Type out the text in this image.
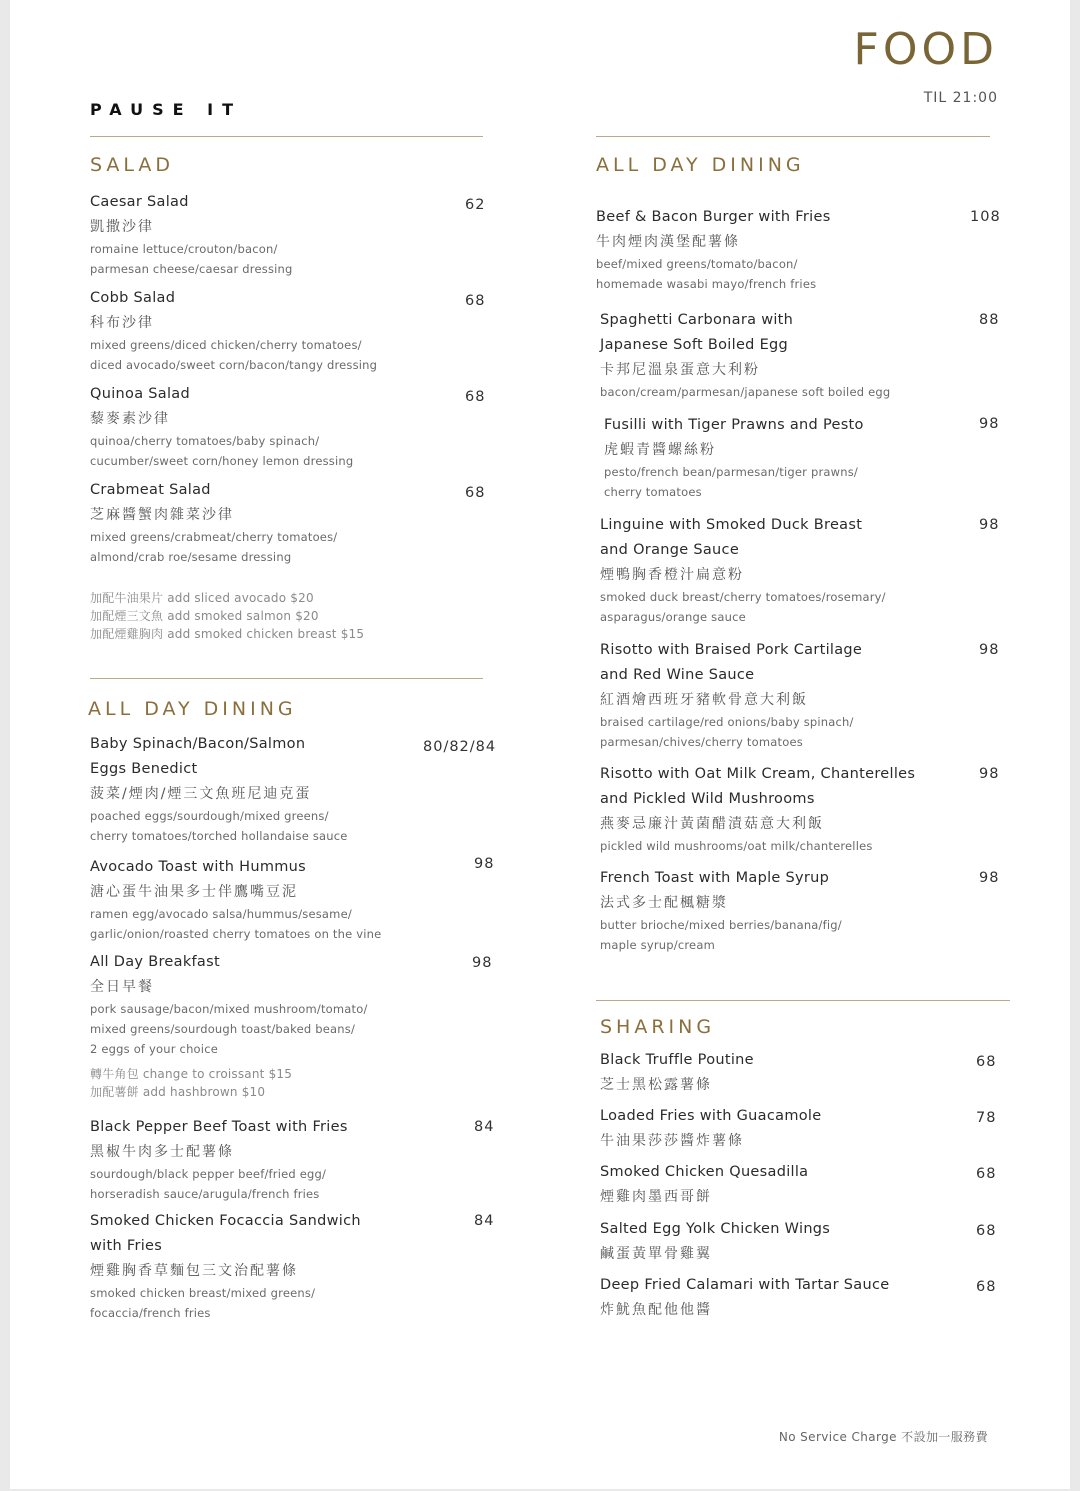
PAUSE IT
FOOD
TIL 21:00
SALAD
Caesar Salad
凱撒沙律
romaine lettuce/crouton/bacon/
parmesan cheese/caesar dressing
62
Cobb Salad
科布沙律
mixed greens/diced chicken/cherry tomatoes/
diced avocado/sweet corn/bacon/tangy dressing
68
Quinoa Salad
藜麥素沙律
quinoa/cherry tomatoes/baby spinach/
cucumber/sweet corn/honey lemon dressing
68
Crabmeat Salad
芝麻醬蟹肉雜菜沙律
mixed greens/crabmeat/cherry tomatoes/
almond/crab roe/sesame dressing
68
加配牛油果片 add sliced avocado $20
加配煙三文魚 add smoked salmon $20
加配煙雞胸肉 add smoked chicken breast $15
ALL DAY DINING
Baby Spinach/Bacon/Salmon
Eggs Benedict
菠菜/煙肉/煙三文魚班尼迪克蛋
poached eggs/sourdough/mixed greens/
cherry tomatoes/torched hollandaise sauce
80/82/84
Avocado Toast with Hummus
溏心蛋牛油果多士伴鷹嘴豆泥
ramen egg/avocado salsa/hummus/sesame/
garlic/onion/roasted cherry tomatoes on the vine
98
All Day Breakfast
全日早餐
pork sausage/bacon/mixed mushroom/tomato/
mixed greens/sourdough toast/baked beans/
2 eggs of your choice
轉牛角包 change to croissant $15
加配薯餅 add hashbrown $10
98
Black Pepper Beef Toast with Fries
黑椒牛肉多士配薯條
sourdough/black pepper beef/fried egg/
horseradish sauce/arugula/french fries
84
Smoked Chicken Focaccia Sandwich
with Fries
煙雞胸香草麵包三文治配薯條
smoked chicken breast/mixed greens/
focaccia/french fries
84
ALL DAY DINING
Beef & Bacon Burger with Fries
牛肉煙肉漢堡配薯條
beef/mixed greens/tomato/bacon/
homemade wasabi mayo/french fries
108
Spaghetti Carbonara with
Japanese Soft Boiled Egg
卡邦尼溫泉蛋意大利粉
bacon/cream/parmesan/japanese soft boiled egg
88
Fusilli with Tiger Prawns and Pesto
虎蝦青醬螺絲粉
pesto/french bean/parmesan/tiger prawns/
cherry tomatoes
98
Linguine with Smoked Duck Breast
and Orange Sauce
煙鴨胸香橙汁扁意粉
smoked duck breast/cherry tomatoes/rosemary/
asparagus/orange sauce
98
Risotto with Braised Pork Cartilage
and Red Wine Sauce
紅酒燴西班牙豬軟骨意大利飯
braised cartilage/red onions/baby spinach/
parmesan/chives/cherry tomatoes
98
Risotto with Oat Milk Cream, Chanterelles
and Pickled Wild Mushrooms
燕麥忌廉汁黃菌醋漬菇意大利飯
pickled wild mushrooms/oat milk/chanterelles
98
French Toast with Maple Syrup
法式多士配楓糖漿
butter brioche/mixed berries/banana/fig/
maple syrup/cream
98
SHARING
Black Truffle Poutine
芝士黑松露薯條
68
Loaded Fries with Guacamole
牛油果莎莎醬炸薯條
78
Smoked Chicken Quesadilla
煙雞肉墨西哥餅
68
Salted Egg Yolk Chicken Wings
鹹蛋黃單骨雞翼
68
Deep Fried Calamari with Tartar Sauce
炸魷魚配他他醬
68
No Service Charge 不設加一服務費
